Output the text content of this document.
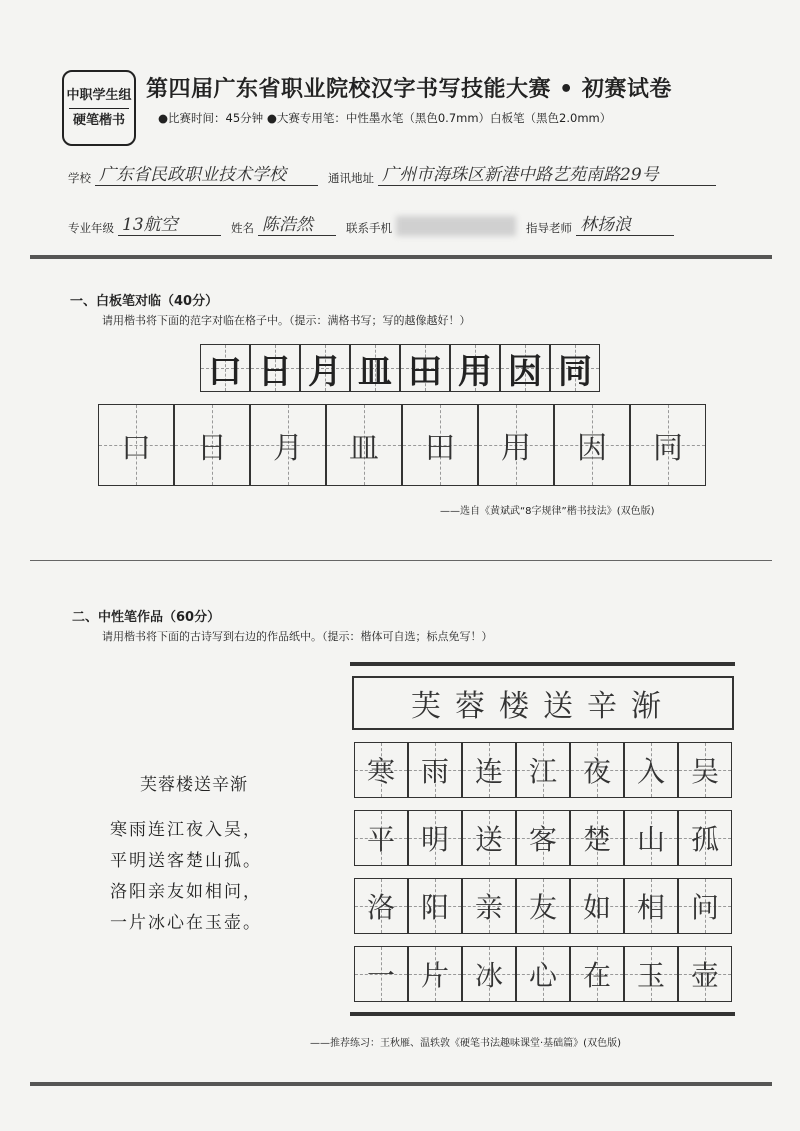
中职学生组
硬笔楷书
第四届广东省职业院校汉字书写技能大赛 • 初赛试卷
●比赛时间：45分钟 ●大赛专用笔：中性墨水笔（黑色0.7mm）白板笔（黑色2.0mm）
学校 广东省民政职业技术学校	通讯地址 广州市海珠区新港中路艺苑南路29号
专业年级 13航空	姓名 陈浩然	联系手机	指导老师 林扬浪
一、白板笔对临（40分）
请用楷书将下面的范字对临在格子中。（提示：满格书写；写的越像越好！）
口 日 月 皿 田 用 因 同
口 日 月 皿 田 用 因 同
——选自《黄斌武“8字规律”楷书技法》(双色版)
二、中性笔作品（60分）
请用楷书将下面的古诗写到右边的作品纸中。（提示：楷体可自选；标点免写！）
芙蓉楼送辛渐
寒雨连江夜入吴，
平明送客楚山孤。
洛阳亲友如相问，
一片冰心在玉壶。
芙蓉楼送辛渐
寒 雨 连 江 夜 入 吴
平 明 送 客 楚 山 孤
洛 阳 亲 友 如 相 问
一 片 冰 心 在 玉 壶
——推荐练习：王秋雁、温轶敦《硬笔书法趣味课堂·基础篇》(双色版)
